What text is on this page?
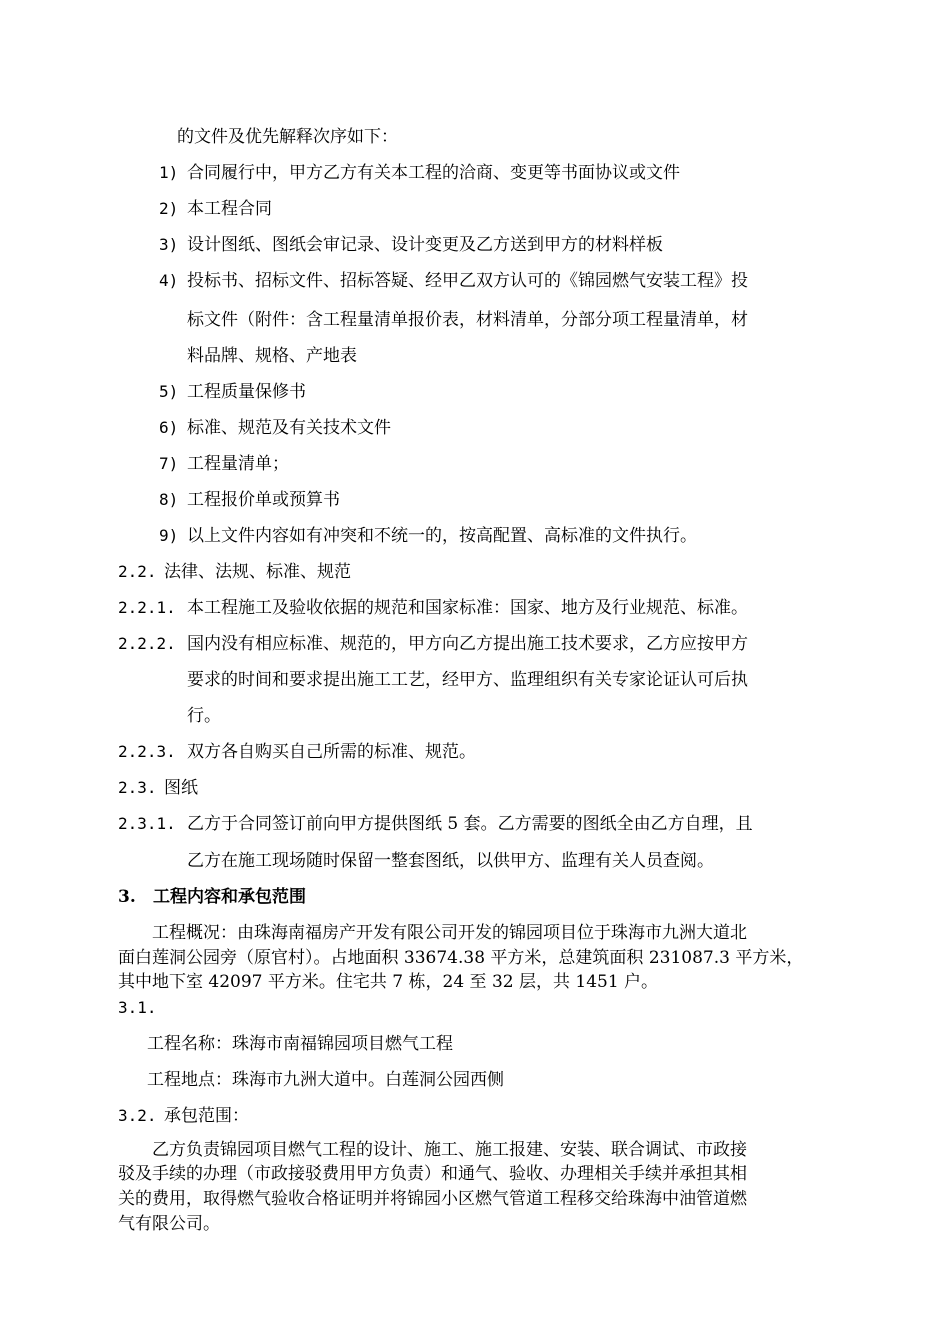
的文件及优先解释次序如下：
1) 合同履行中，甲方乙方有关本工程的洽商、变更等书面协议或文件
2) 本工程合同
3) 设计图纸、图纸会审记录、设计变更及乙方送到甲方的材料样板
4) 投标书、招标文件、招标答疑、经甲乙双方认可的《锦园燃气安装工程》投
标文件（附件：含工程量清单报价表，材料清单，分部分项工程量清单，材
料品牌、规格、产地表
5) 工程质量保修书
6) 标准、规范及有关技术文件
7) 工程量清单；
8) 工程报价单或预算书
9) 以上文件内容如有冲突和不统一的，按高配置、高标准的文件执行。
2.2. 法律、法规、标准、规范
2.2.1. 本工程施工及验收依据的规范和国家标准：国家、地方及行业规范、标准。
2.2.2. 国内没有相应标准、规范的，甲方向乙方提出施工技术要求，乙方应按甲方
要求的时间和要求提出施工工艺，经甲方、监理组织有关专家论证认可后执
行。
2.2.3. 双方各自购买自己所需的标准、规范。
2.3. 图纸
2.3.1. 乙方于合同签订前向甲方提供图纸 5 套。乙方需要的图纸全由乙方自理，且
乙方在施工现场随时保留一整套图纸，以供甲方、监理有关人员查阅。
3. 工程内容和承包范围
工程概况：由珠海南福房产开发有限公司开发的锦园项目位于珠海市九洲大道北
面白莲洞公园旁（原官村）。占地面积 33674.38 平方米，总建筑面积 231087.3 平方米，
其中地下室 42097 平方米。住宅共 7 栋，24 至 32 层，共 1451 户。
3.1.
工程名称：珠海市南福锦园项目燃气工程
工程地点：珠海市九洲大道中。白莲洞公园西侧
3.2. 承包范围：
乙方负责锦园项目燃气工程的设计、施工、施工报建、安装、联合调试、市政接
驳及手续的办理（市政接驳费用甲方负责）和通气、验收、办理相关手续并承担其相
关的费用，取得燃气验收合格证明并将锦园小区燃气管道工程移交给珠海中油管道燃
气有限公司。
